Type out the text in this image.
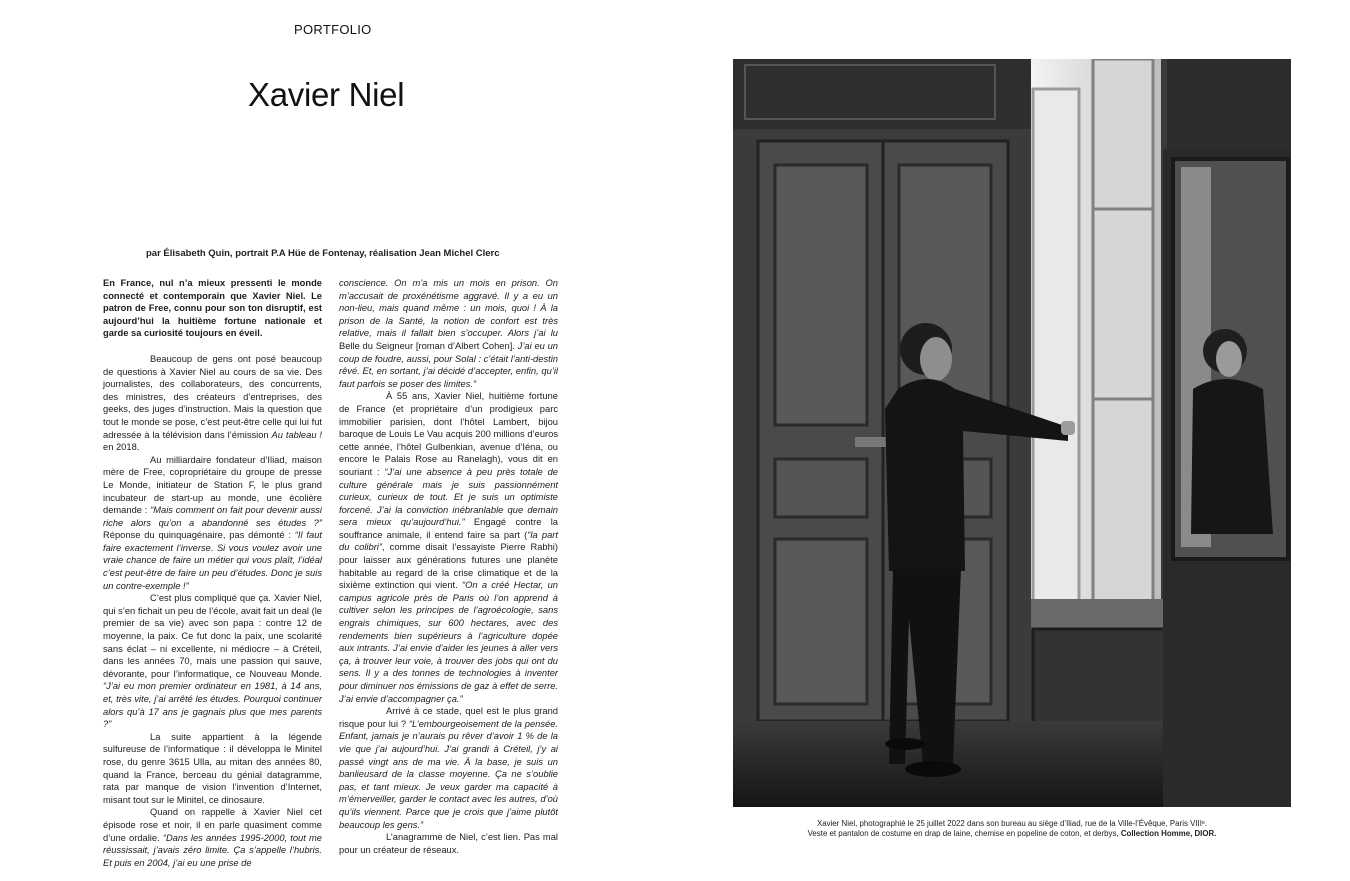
PORTFOLIO
Xavier Niel
par Élisabeth Quin, portrait P.A Hüe de Fontenay, réalisation Jean Michel Clerc

En France, nul n’a mieux pressenti le monde connecté et contemporain que Xavier Niel. Le patron de Free, connu pour son ton disruptif, est aujourd’hui la huitième fortune nationale et garde sa curiosité toujours en éveil.

Beaucoup de gens ont posé beaucoup de questions à Xavier Niel au cours de sa vie. Des journalistes, des collaborateurs, des concurrents, des ministres, des créateurs d’entreprises, des geeks, des juges d’instruction. Mais la question que tout le monde se pose, c’est peut-être celle qui lui fut adressée à la télévision dans l’émission Au tableau ! en 2018.

Au milliardaire fondateur d’Iliad, maison mère de Free, copropriétaire du groupe de presse Le Monde, initiateur de Station F, le plus grand incubateur de start-up au monde, une écolière demande : “Mais comment on fait pour devenir aussi riche alors qu’on a abandonné ses études ?” Réponse du quinquagénaire, pas démonté : “Il faut faire exactement l’inverse. Si vous voulez avoir une vraie chance de faire un métier qui vous plaît, l’idéal c’est peut-être de faire un peu d’études. Donc je suis un contre-exemple !”

C’est plus compliqué que ça. Xavier Niel, qui s’en fichait un peu de l’école, avait fait un deal (le premier de sa vie) avec son papa : contre 12 de moyenne, la paix. Ce fut donc la paix, une scolarité sans éclat – ni excellente, ni médiocre – à Créteil, dans les années 70, mais une passion qui sauve, dévorante, pour l’informatique, ce Nouveau Monde. “J’ai eu mon premier ordinateur en 1981, à 14 ans, et, très vite, j’ai arrêté les études. Pourquoi continuer alors qu’à 17 ans je gagnais plus que mes parents ?”

La suite appartient à la légende sulfureuse de l’informatique : il développa le Minitel rose, du genre 3615 Ulla, au mitan des années 80, quand la France, berceau du génial datagramme, rata par manque de vision l’invention d’Internet, misant tout sur le Minitel, ce dinosaure.

Quand on rappelle à Xavier Niel cet épisode rose et noir, il en parle quasiment comme d’une ordalie. “Dans les années 1995-2000, tout me réussissait, j’avais zéro limite. Ça s’appelle l’hubris. Et puis en 2004, j’ai eu une prise de

conscience. On m’a mis un mois en prison. On m’accusait de proxénétisme aggravé. Il y a eu un non-lieu, mais quand même : un mois, quoi ! À la prison de la Santé, la notion de confort est très relative, mais il fallait bien s’occuper. Alors j’ai lu Belle du Seigneur [roman d’Albert Cohen]. J’ai eu un coup de foudre, aussi, pour Solal : c’était l’anti-destin rêvé. Et, en sortant, j’ai décidé d’accepter, enfin, qu’il faut parfois se poser des limites.”

À 55 ans, Xavier Niel, huitième fortune de France (et propriétaire d’un prodigieux parc immobilier parisien, dont l’hôtel Lambert, bijou baroque de Louis Le Vau acquis 200 millions d’euros cette année, l’hôtel Gulbenkian, avenue d’Iéna, ou encore le Palais Rose au Ranelagh), vous dit en souriant : “J’ai une absence à peu près totale de culture générale mais je suis passionnément curieux, curieux de tout. Et je suis un optimiste forcené. J’ai la conviction inébranlable que demain sera mieux qu’aujourd’hui.” Engagé contre la souffrance animale, il entend faire sa part (“la part du colibri”, comme disait l’essayiste Pierre Rabhi) pour laisser aux générations futures une planète habitable au regard de la crise climatique et de la sixième extinction qui vient. “On a créé Hectar, un campus agricole près de Paris où l’on apprend à cultiver selon les principes de l’agroécologie, sans engrais chimiques, sur 600 hectares, avec des rendements bien supérieurs à l’agriculture dopée aux intrants. J’ai envie d’aider les jeunes à aller vers ça, à trouver leur voie, à trouver des jobs qui ont du sens. Il y a des tonnes de technologies à inventer pour diminuer nos émissions de gaz à effet de serre. J’ai envie d’accompagner ça.”

Arrivé à ce stade, quel est le plus grand risque pour lui ? “L’embourgeoisement de la pensée. Enfant, jamais je n’aurais pu rêver d’avoir 1 % de la vie que j’ai aujourd’hui. J’ai grandi à Créteil, j’y ai passé vingt ans de ma vie. À la base, je suis un banlieusard de la classe moyenne. Ça ne s’oublie pas, et tant mieux. Je veux garder ma capacité à m’émerveiller, garder le contact avec les autres, d’où qu’ils viennent. Parce que je crois que j’aime plutôt beaucoup les gens.”

L’anagramme de Niel, c’est lien. Pas mal pour un créateur de réseaux.

Xavier Niel, photographié le 25 juillet 2022 dans son bureau au siège d’Iliad, rue de la Ville-l’Évêque, Paris VIIIᵉ.
Veste et pantalon de costume en drap de laine, chemise en popeline de coton, et derbys, Collection Homme, DIOR.
